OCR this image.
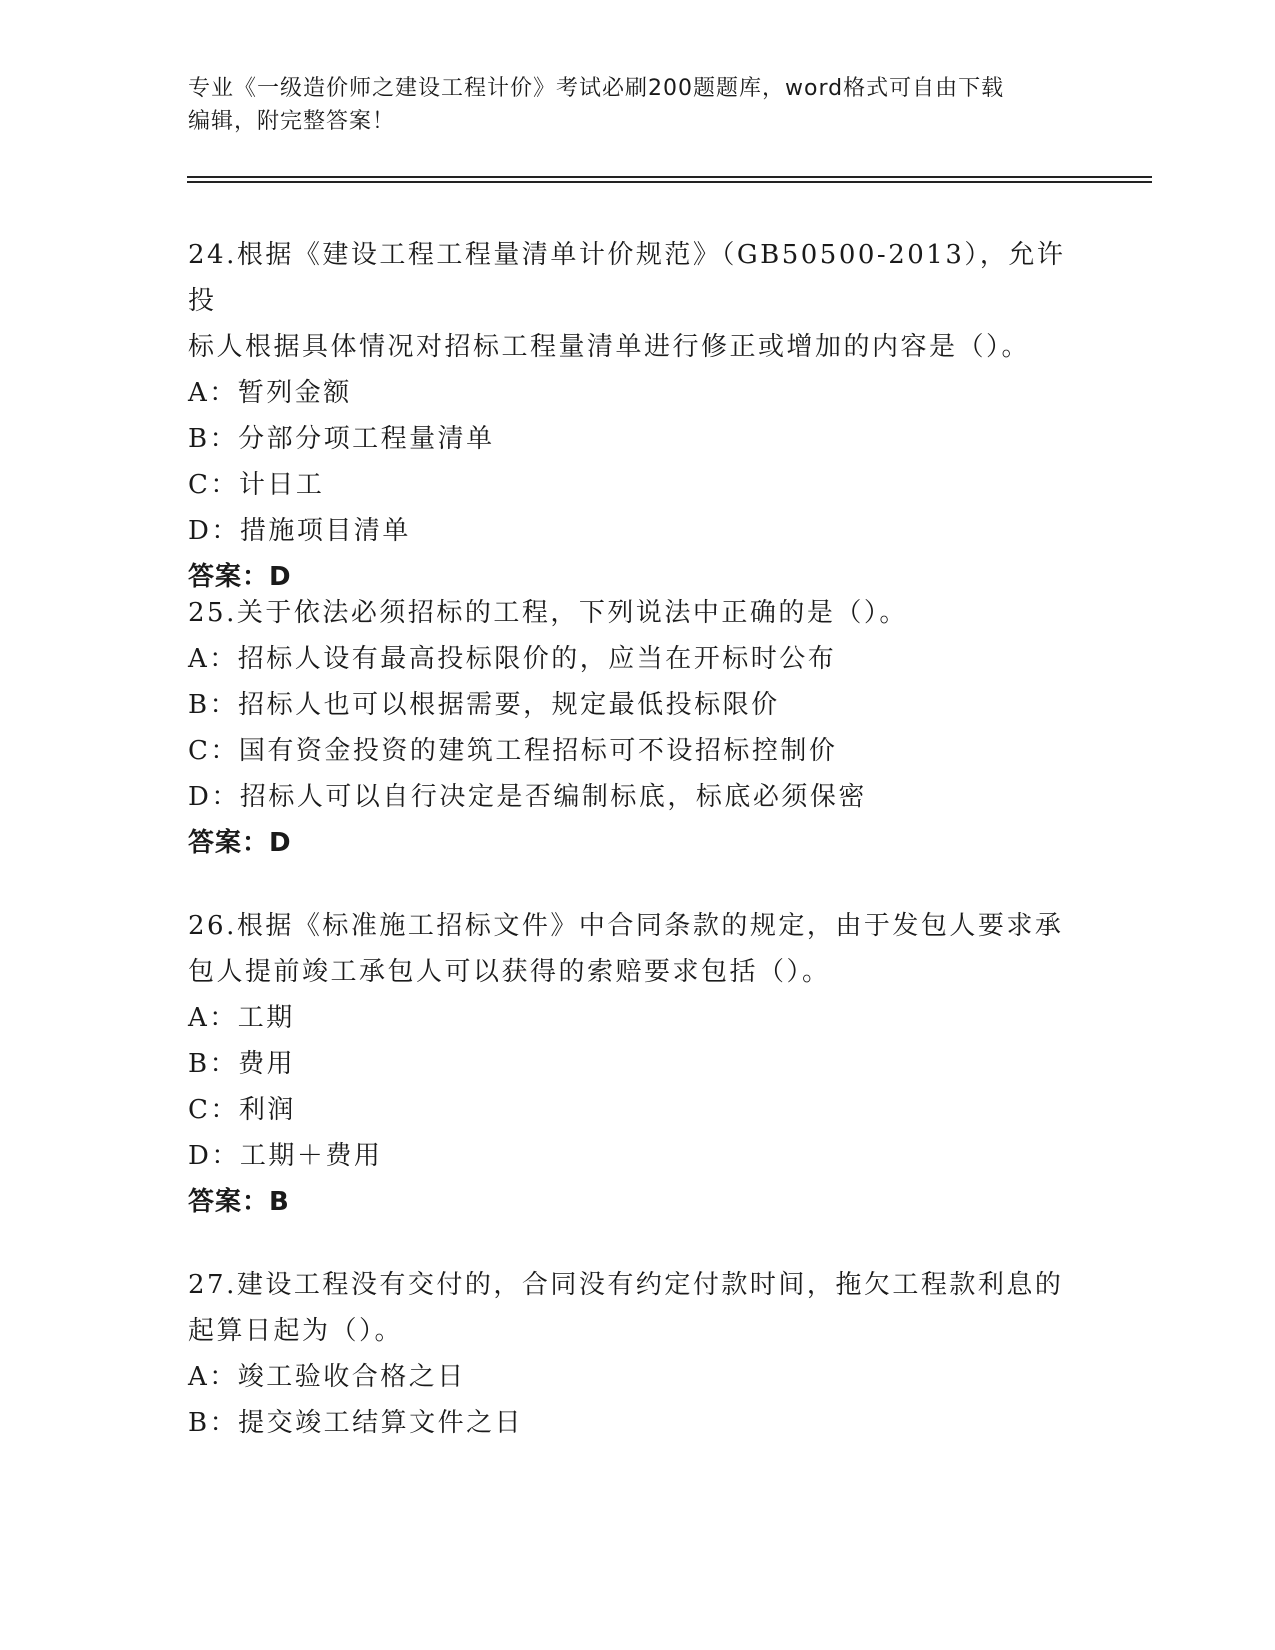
专业《一级造价师之建设工程计价》考试必刷200题题库，word格式可自由下载
编辑，附完整答案！

24.根据《建设工程工程量清单计价规范》（GB50500-2013），允许投

标人根据具体情况对招标工程量清单进行修正或增加的内容是（）。

A：暂列金额

B：分部分项工程量清单

C：计日工

D：措施项目清单

答案：D

25.关于依法必须招标的工程，下列说法中正确的是（）。

A：招标人设有最高投标限价的，应当在开标时公布

B：招标人也可以根据需要，规定最低投标限价

C：国有资金投资的建筑工程招标可不设招标控制价

D：招标人可以自行决定是否编制标底，标底必须保密

答案：D

26.根据《标准施工招标文件》中合同条款的规定，由于发包人要求承

包人提前竣工承包人可以获得的索赔要求包括（）。

A：工期

B：费用

C：利润

D：工期＋费用

答案：B

27.建设工程没有交付的，合同没有约定付款时间，拖欠工程款利息的

起算日起为（）。

A：竣工验收合格之日

B：提交竣工结算文件之日
